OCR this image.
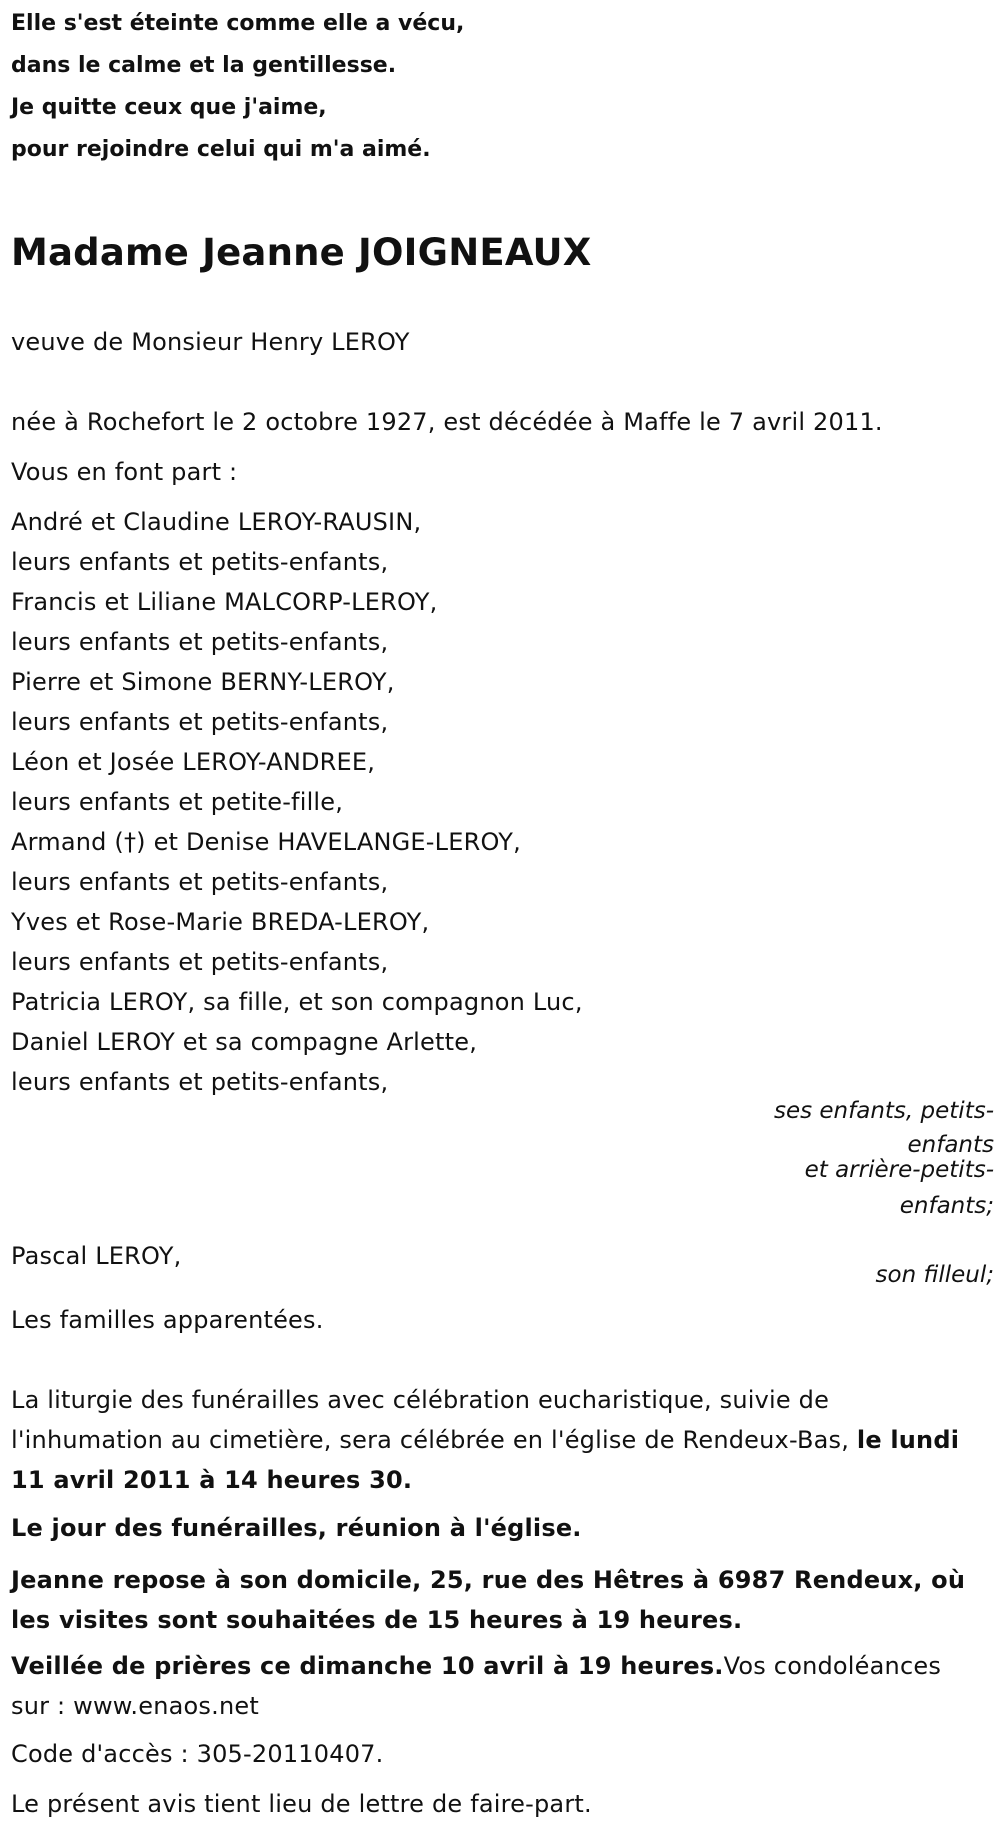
Elle s'est éteinte comme elle a vécu,
dans le calme et la gentillesse.
Je quitte ceux que j'aime,
pour rejoindre celui qui m'a aimé.
Madame Jeanne JOIGNEAUX
veuve de Monsieur Henry LEROY
née à Rochefort le 2 octobre 1927, est décédée à Maffe le 7 avril 2011.
Vous en font part :
André et Claudine LEROY-RAUSIN,
leurs enfants et petits-enfants,
Francis et Liliane MALCORP-LEROY,
leurs enfants et petits-enfants,
Pierre et Simone BERNY-LEROY,
leurs enfants et petits-enfants,
Léon et Josée LEROY-ANDREE,
leurs enfants et petite-fille,
Armand (†) et Denise HAVELANGE-LEROY,
leurs enfants et petits-enfants,
Yves et Rose-Marie BREDA-LEROY,
leurs enfants et petits-enfants,
Patricia LEROY, sa fille, et son compagnon Luc,
Daniel LEROY et sa compagne Arlette,
leurs enfants et petits-enfants,
ses enfants, petits-
enfants
et arrière-petits-
enfants;
Pascal LEROY,
son filleul;
Les familles apparentées.
La liturgie des funérailles avec célébration eucharistique, suivie de l'inhumation au cimetière, sera célébrée en l'église de Rendeux-Bas, le lundi 11 avril 2011 à 14 heures 30.
Le jour des funérailles, réunion à l'église.
Jeanne repose à son domicile, 25, rue des Hêtres à 6987 Rendeux, où les visites sont souhaitées de 15 heures à 19 heures.
Veillée de prières ce dimanche 10 avril à 19 heures.Vos condoléances sur : www.enaos.net
Code d'accès : 305-20110407.
Le présent avis tient lieu de lettre de faire-part.
